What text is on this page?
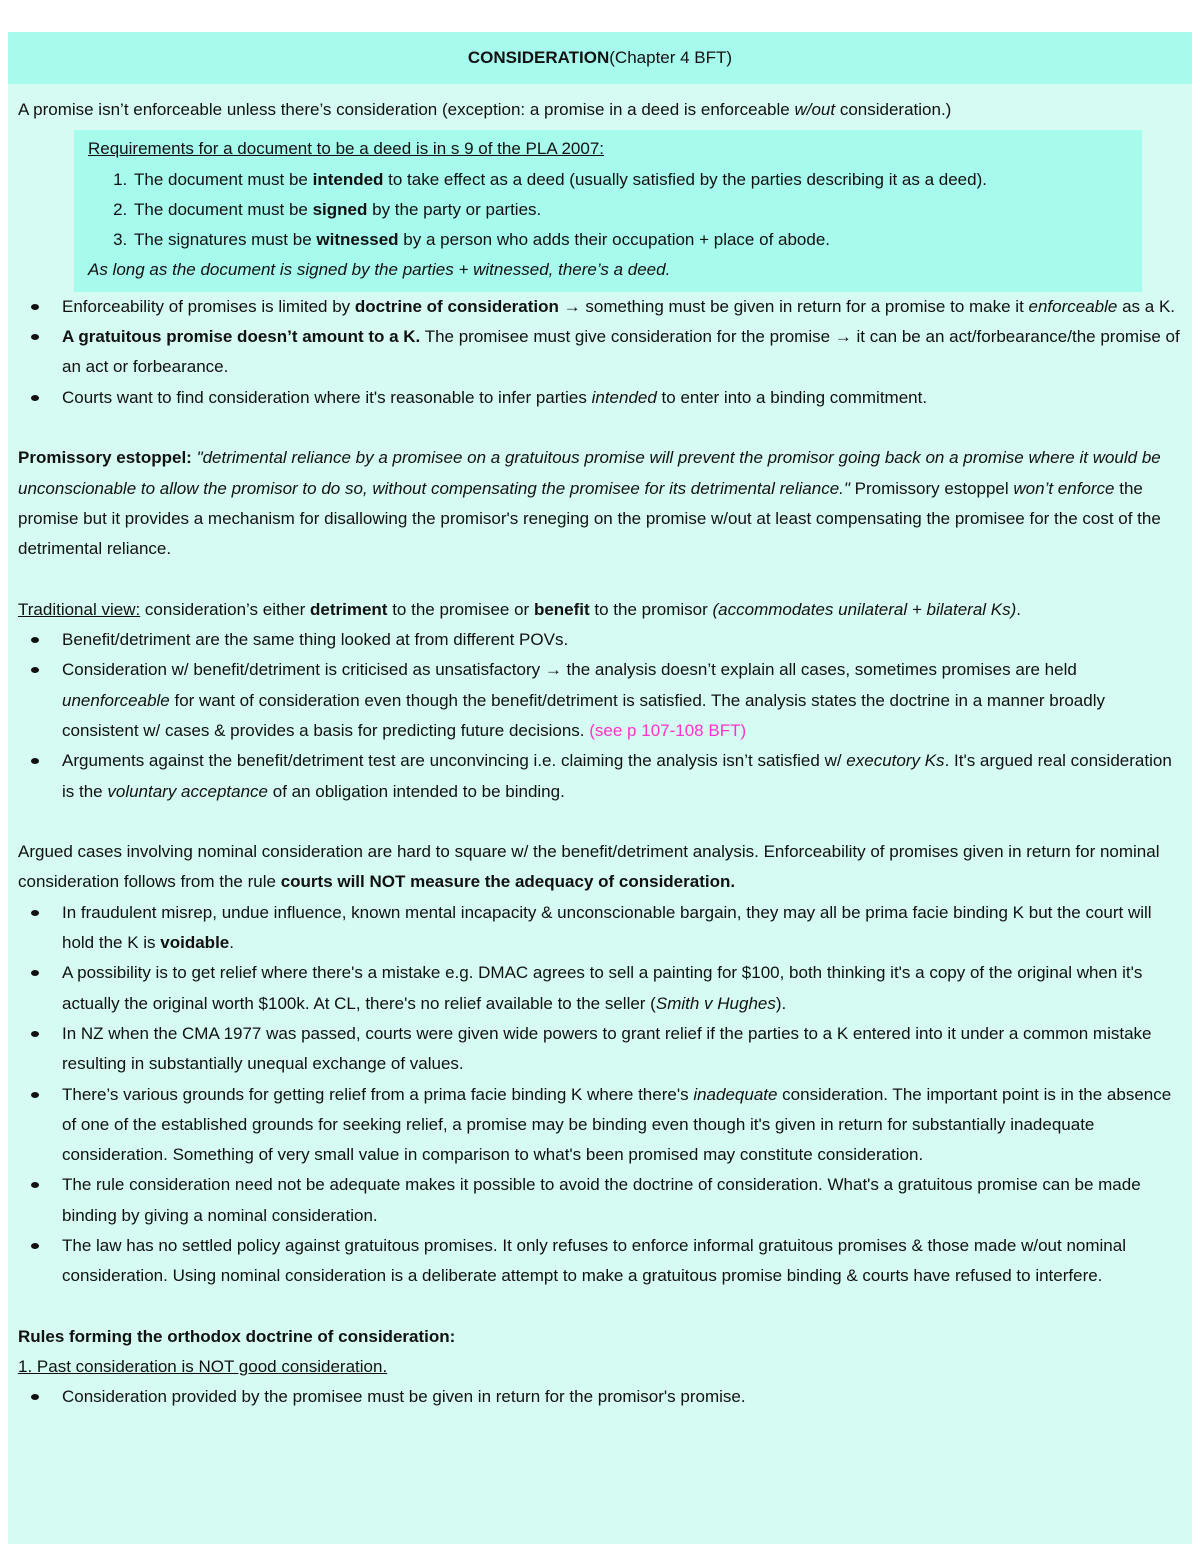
CONSIDERATION (Chapter 4 BFT)

A promise isn’t enforceable unless there’s consideration (exception: a promise in a deed is enforceable w/out consideration.)

Requirements for a document to be a deed is in s 9 of the PLA 2007:

1. The document must be intended to take effect as a deed (usually satisfied by the parties describing it as a deed).
2. The document must be signed by the party or parties.
3. The signatures must be witnessed by a person who adds their occupation + place of abode.

As long as the document is signed by the parties + witnessed, there’s a deed.

Enforceability of promises is limited by doctrine of consideration → something must be given in return for a promise to make it enforceable as a K.
A gratuitous promise doesn’t amount to a K. The promisee must give consideration for the promise → it can be an act/forbearance/the promise of an act or forbearance.
Courts want to find consideration where it's reasonable to infer parties intended to enter into a binding commitment.

Promissory estoppel: "detrimental reliance by a promisee on a gratuitous promise will prevent the promisor going back on a promise where it would be unconscionable to allow the promisor to do so, without compensating the promisee for its detrimental reliance." Promissory estoppel won’t enforce the promise but it provides a mechanism for disallowing the promisor's reneging on the promise w/out at least compensating the promisee for the cost of the detrimental reliance.

Traditional view: consideration’s either detriment to the promisee or benefit to the promisor (accommodates unilateral + bilateral Ks).

Benefit/detriment are the same thing looked at from different POVs.
Consideration w/ benefit/detriment is criticised as unsatisfactory → the analysis doesn’t explain all cases, sometimes promises are held unenforceable for want of consideration even though the benefit/detriment is satisfied. The analysis states the doctrine in a manner broadly consistent w/ cases & provides a basis for predicting future decisions. (see p 107-108 BFT)
Arguments against the benefit/detriment test are unconvincing i.e. claiming the analysis isn’t satisfied w/ executory Ks. It's argued real consideration is the voluntary acceptance of an obligation intended to be binding.

Argued cases involving nominal consideration are hard to square w/ the benefit/detriment analysis. Enforceability of promises given in return for nominal consideration follows from the rule courts will NOT measure the adequacy of consideration.

In fraudulent misrep, undue influence, known mental incapacity & unconscionable bargain, they may all be prima facie binding K but the court will hold the K is voidable.
A possibility is to get relief where there's a mistake e.g. DMAC agrees to sell a painting for $100, both thinking it's a copy of the original when it's actually the original worth $100k. At CL, there's no relief available to the seller (Smith v Hughes).
In NZ when the CMA 1977 was passed, courts were given wide powers to grant relief if the parties to a K entered into it under a common mistake resulting in substantially unequal exchange of values.
There’s various grounds for getting relief from a prima facie binding K where there's inadequate consideration. The important point is in the absence of one of the established grounds for seeking relief, a promise may be binding even though it's given in return for substantially inadequate consideration. Something of very small value in comparison to what's been promised may constitute consideration.
The rule consideration need not be adequate makes it possible to avoid the doctrine of consideration. What's a gratuitous promise can be made binding by giving a nominal consideration.
The law has no settled policy against gratuitous promises. It only refuses to enforce informal gratuitous promises & those made w/out nominal consideration. Using nominal consideration is a deliberate attempt to make a gratuitous promise binding & courts have refused to interfere.

Rules forming the orthodox doctrine of consideration:

1. Past consideration is NOT good consideration.

Consideration provided by the promisee must be given in return for the promisor's promise.
